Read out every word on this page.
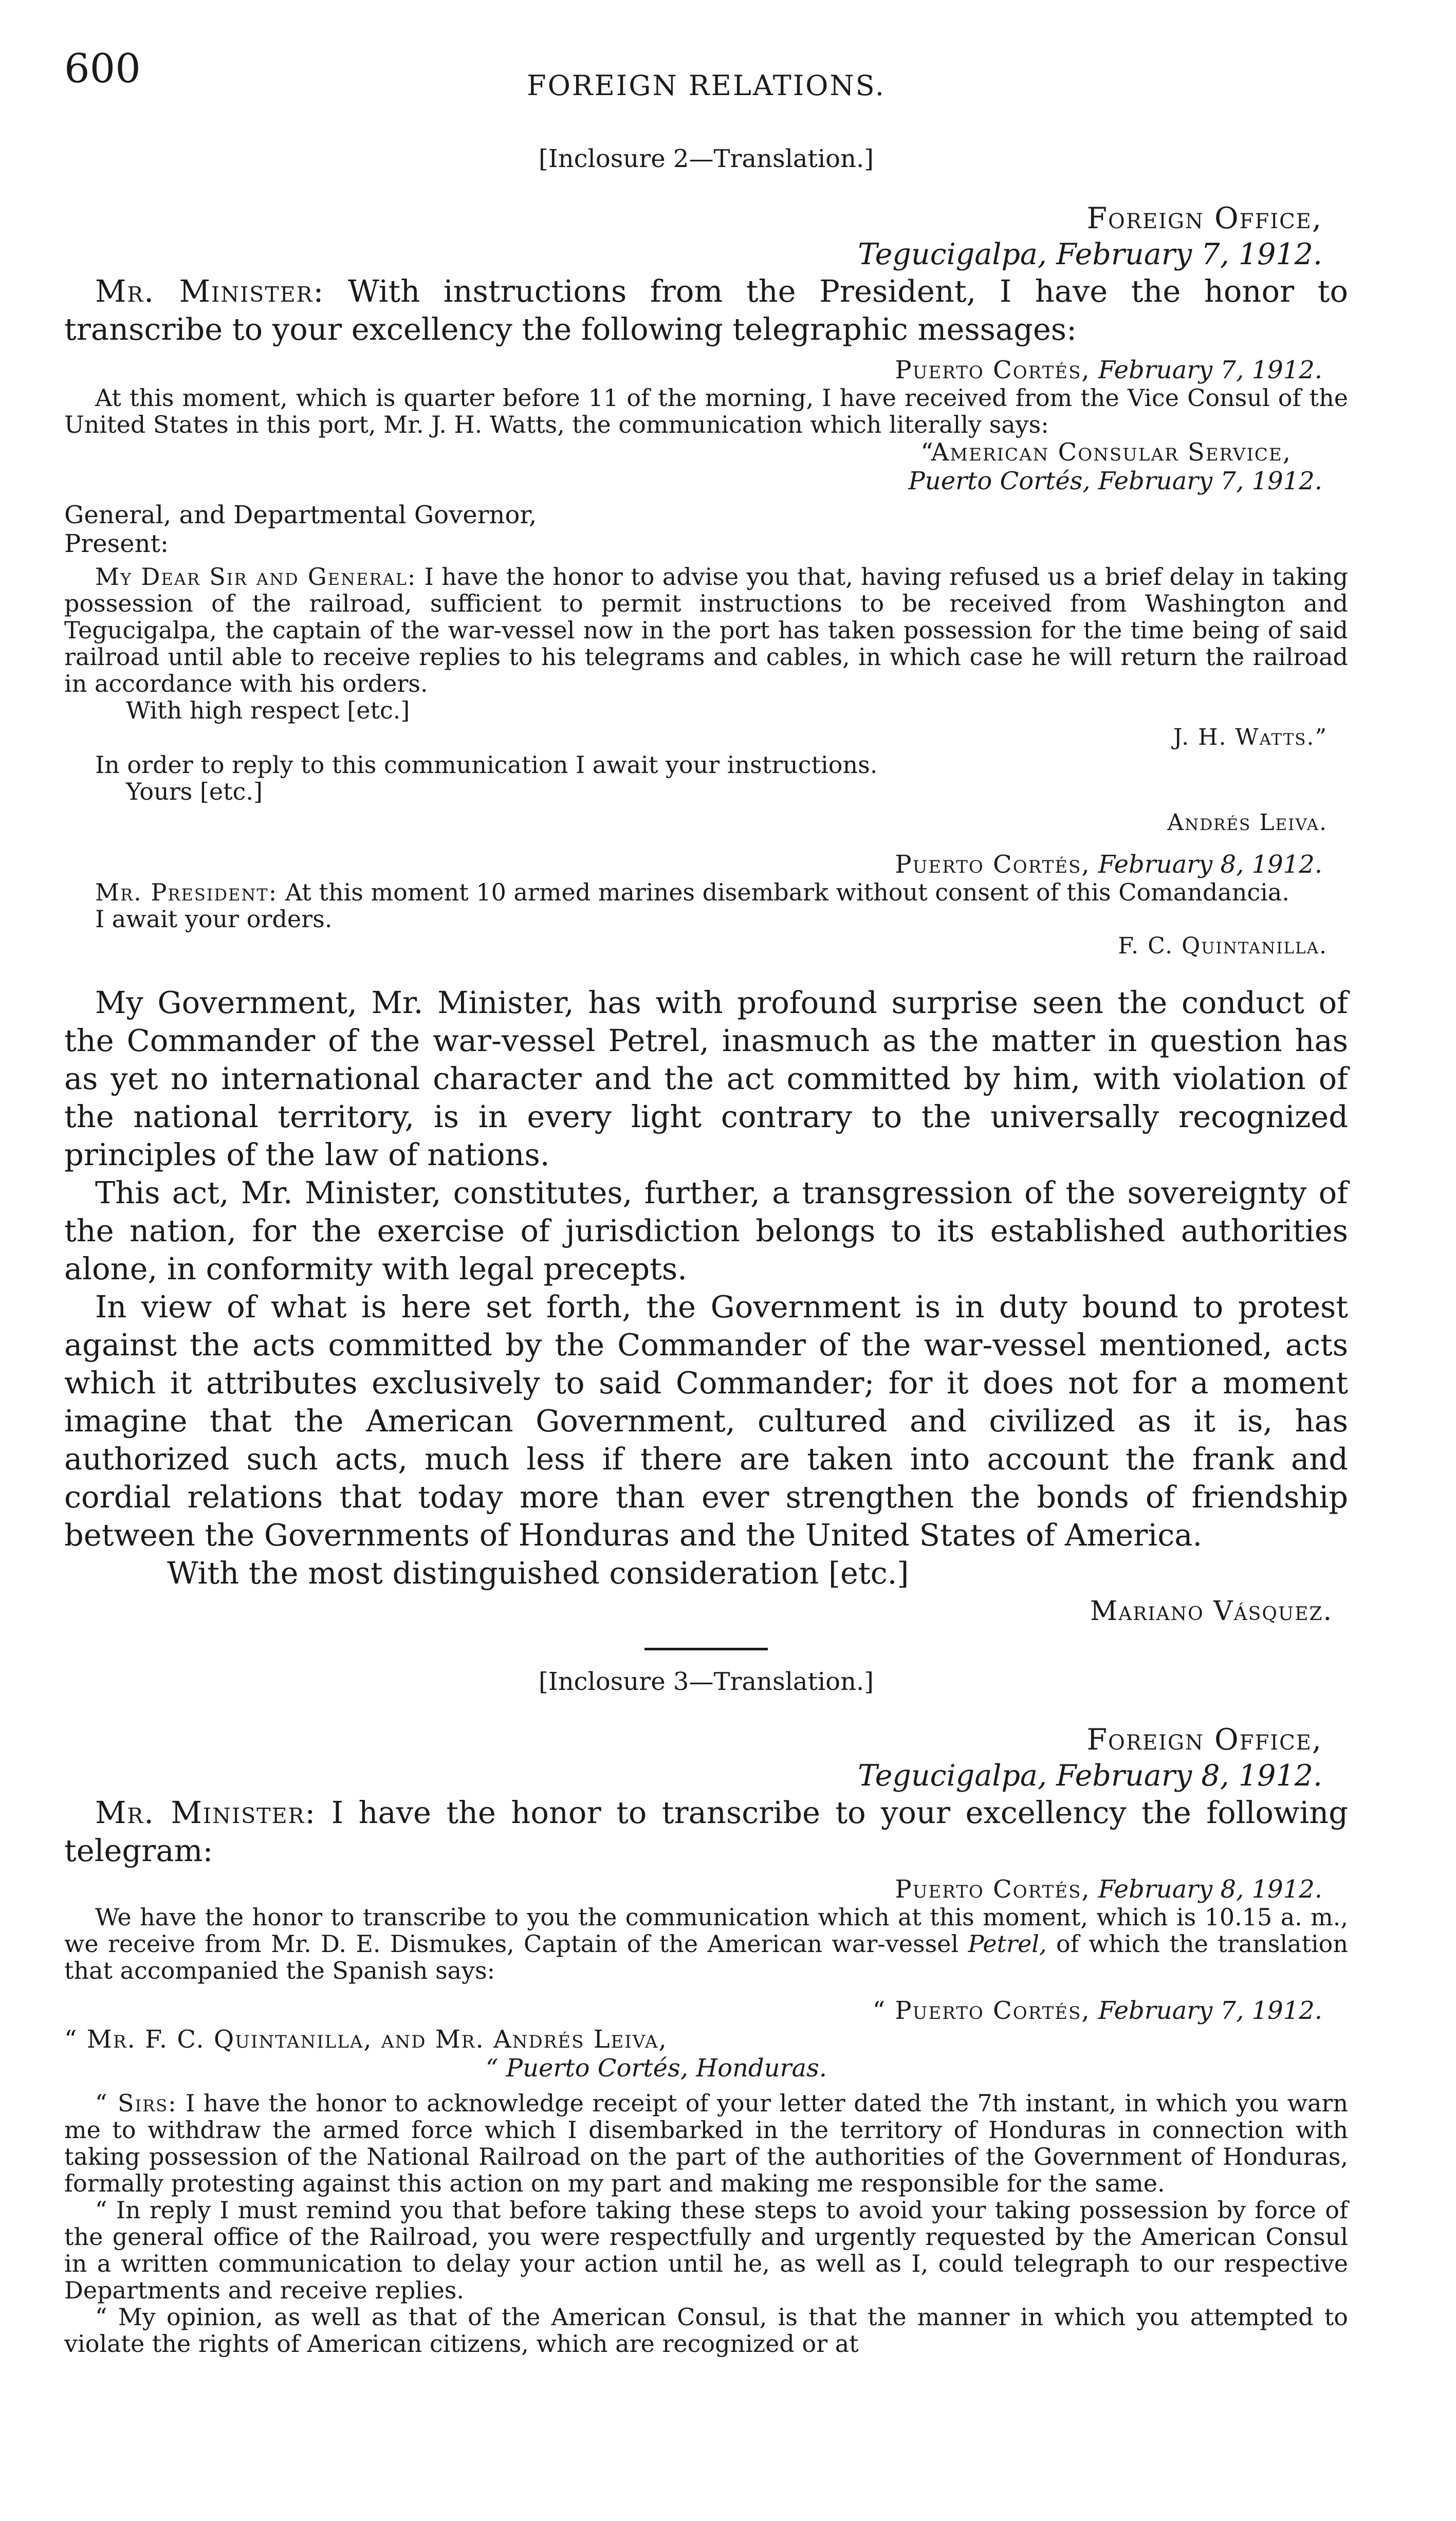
600	FOREIGN RELATIONS.
[Inclosure 2—Translation.]
Foreign Office,
Tegucigalpa, February 7, 1912.

Mr. Minister: With instructions from the President, I have the honor to transcribe to your excellency the following telegraphic messages:

Puerto Cortés, February 7, 1912.

At this moment, which is quarter before 11 of the morning, I have received from the Vice Consul of the United States in this port, Mr. J. H. Watts, the communication which literally says:

“American Consular Service,
Puerto Cortés, February 7, 1912.
General, and Departmental Governor,
Present:

My Dear Sir and General: I have the honor to advise you that, having refused us a brief delay in taking possession of the railroad, sufficient to permit instructions to be received from Washington and Tegucigalpa, the captain of the war-vessel now in the port has taken possession for the time being of said railroad until able to receive replies to his telegrams and cables, in which case he will return the railroad in accordance with his orders.

With high respect [etc.]
J. H. Watts.”
In order to reply to this communication I await your instructions.
Yours [etc.]
Andrés Leiva.
Puerto Cortés, February 8, 1912.

Mr. President: At this moment 10 armed marines disembark without consent of this Comandancia.

I await your orders.
F. C. Quintanilla.

My Government, Mr. Minister, has with profound surprise seen the conduct of the Commander of the war-vessel Petrel, inasmuch as the matter in question has as yet no international character and the act committed by him, with violation of the national territory, is in every light contrary to the universally recognized principles of the law of nations.

This act, Mr. Minister, constitutes, further, a transgression of the sovereignty of the nation, for the exercise of jurisdiction belongs to its established authorities alone, in conformity with legal precepts.

In view of what is here set forth, the Government is in duty bound to protest against the acts committed by the Commander of the war-vessel mentioned, acts which it attributes exclusively to said Commander; for it does not for a moment imagine that the American Government, cultured and civilized as it is, has authorized such acts, much less if there are taken into account the frank and cordial relations that today more than ever strengthen the bonds of friendship between the Governments of Honduras and the United States of America.

With the most distinguished consideration [etc.]
Mariano Vásquez.
[Inclosure 3—Translation.]
Foreign Office,
Tegucigalpa, February 8, 1912.

Mr. Minister: I have the honor to transcribe to your excellency the following telegram:

Puerto Cortés, February 8, 1912.

We have the honor to transcribe to you the communication which at this moment, which is 10.15 a. m., we receive from Mr. D. E. Dismukes, Captain of the American war-vessel Petrel, of which the translation that accompanied the Spanish says:

“ Puerto Cortés, February 7, 1912.
“ Mr. F. C. Quintanilla, and Mr. Andrés Leiva,
“ Puerto Cortés, Honduras.

“ Sirs: I have the honor to acknowledge receipt of your letter dated the 7th instant, in which you warn me to withdraw the armed force which I disembarked in the territory of Honduras in connection with taking possession of the National Railroad on the part of the authorities of the Government of Honduras, formally protesting against this action on my part and making me responsible for the same.

“ In reply I must remind you that before taking these steps to avoid your taking possession by force of the general office of the Railroad, you were respectfully and urgently requested by the American Consul in a written communication to delay your action until he, as well as I, could telegraph to our respective Departments and receive replies.

“ My opinion, as well as that of the American Consul, is that the manner in which you attempted to violate the rights of American citizens, which are recognized or at
